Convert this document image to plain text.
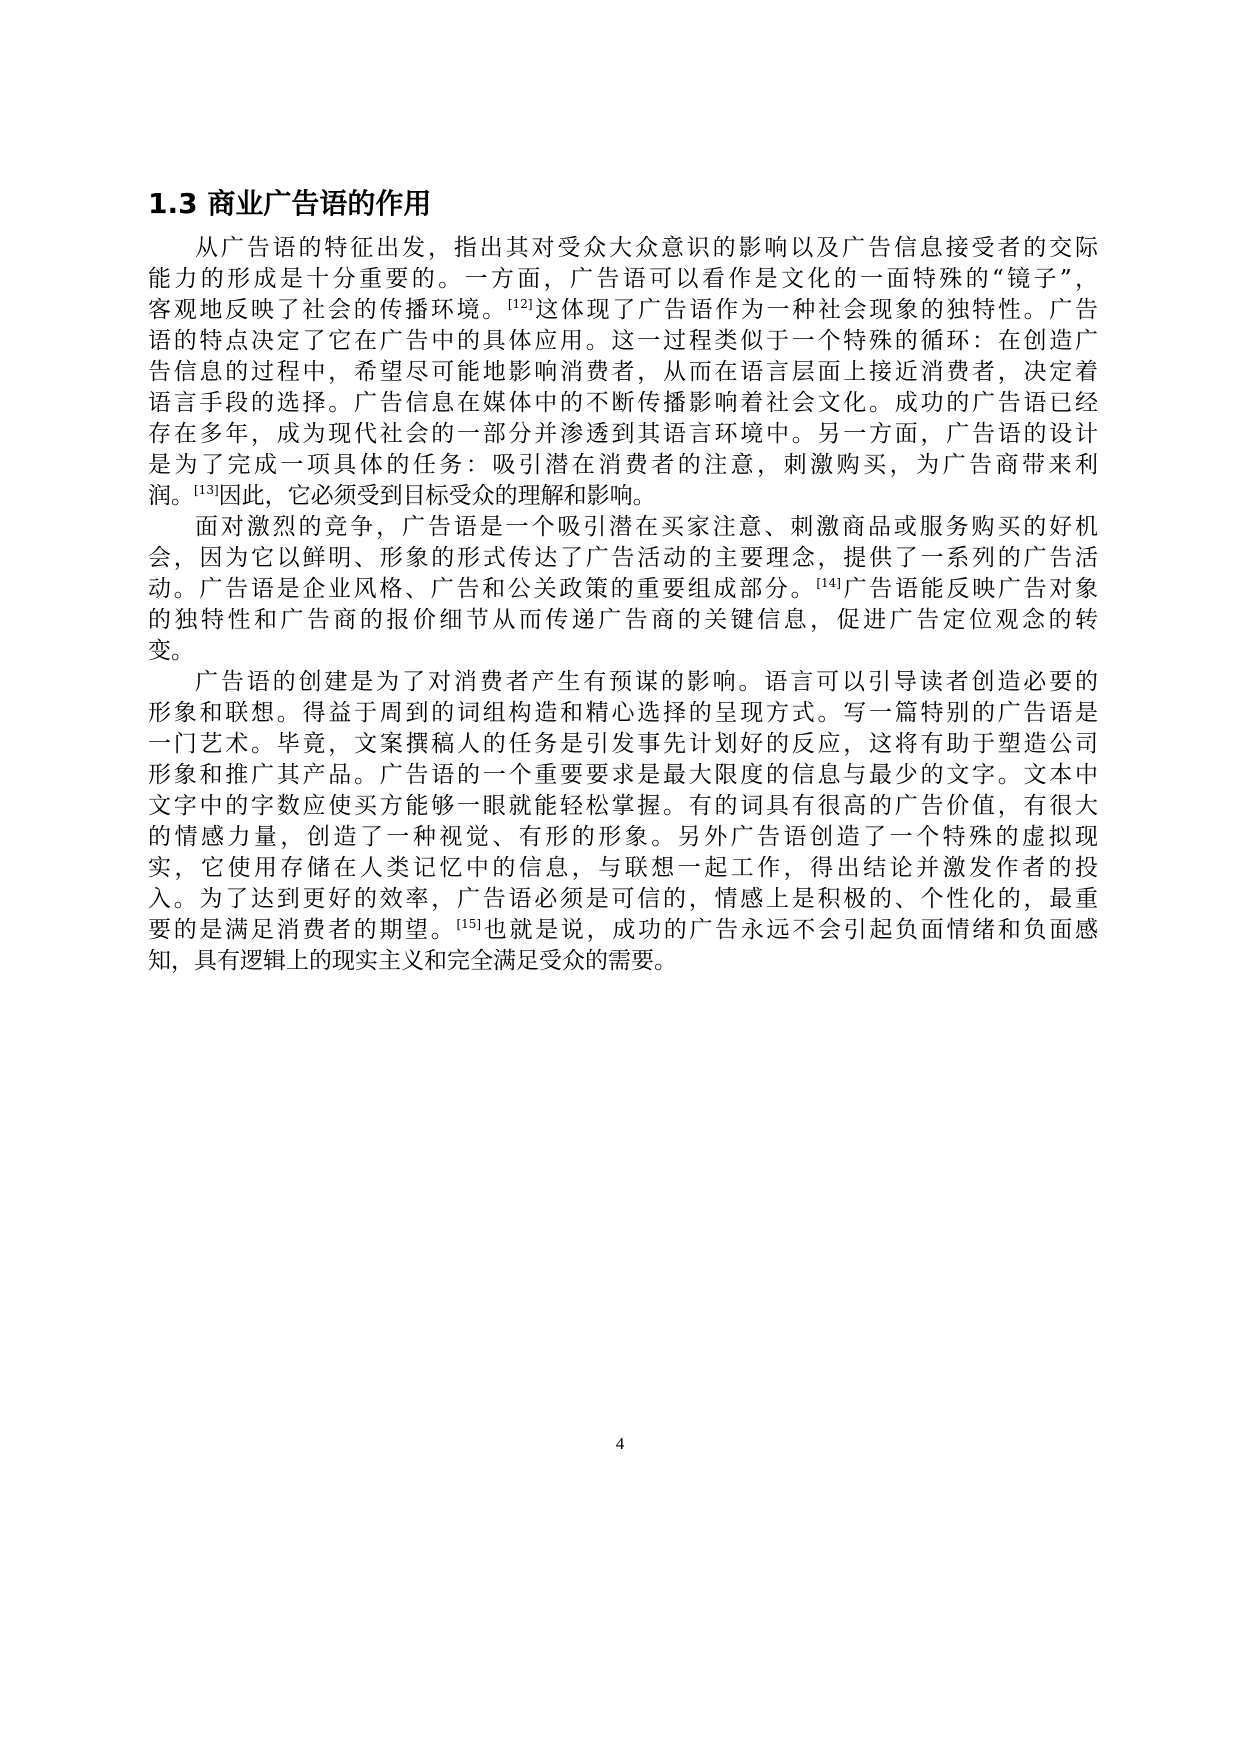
1.3 商业广告语的作用
从广告语的特征出发，指出其对受众大众意识的影响以及广告信息接受者的交际
能力的形成是十分重要的。一方面，广告语可以看作是文化的一面特殊的“镜子”，
客观地反映了社会的传播环境。[12]这体现了广告语作为一种社会现象的独特性。广告
语的特点决定了它在广告中的具体应用。这一过程类似于一个特殊的循环：在创造广
告信息的过程中，希望尽可能地影响消费者，从而在语言层面上接近消费者，决定着
语言手段的选择。广告信息在媒体中的不断传播影响着社会文化。成功的广告语已经
存在多年，成为现代社会的一部分并渗透到其语言环境中。另一方面，广告语的设计
是为了完成一项具体的任务：吸引潜在消费者的注意，刺激购买，为广告商带来利
润。[13]因此，它必须受到目标受众的理解和影响。
面对激烈的竞争，广告语是一个吸引潜在买家注意、刺激商品或服务购买的好机
会，因为它以鲜明、形象的形式传达了广告活动的主要理念，提供了一系列的广告活
动。广告语是企业风格、广告和公关政策的重要组成部分。[14]广告语能反映广告对象
的独特性和广告商的报价细节从而传递广告商的关键信息，促进广告定位观念的转
变。
广告语的创建是为了对消费者产生有预谋的影响。语言可以引导读者创造必要的
形象和联想。得益于周到的词组构造和精心选择的呈现方式。写一篇特别的广告语是
一门艺术。毕竟，文案撰稿人的任务是引发事先计划好的反应，这将有助于塑造公司
形象和推广其产品。广告语的一个重要要求是最大限度的信息与最少的文字。文本中
文字中的字数应使买方能够一眼就能轻松掌握。有的词具有很高的广告价值，有很大
的情感力量，创造了一种视觉、有形的形象。另外广告语创造了一个特殊的虚拟现
实，它使用存储在人类记忆中的信息，与联想一起工作，得出结论并激发作者的投
入。为了达到更好的效率，广告语必须是可信的，情感上是积极的、个性化的，最重
要的是满足消费者的期望。[15]也就是说，成功的广告永远不会引起负面情绪和负面感
知，具有逻辑上的现实主义和完全满足受众的需要。
4
